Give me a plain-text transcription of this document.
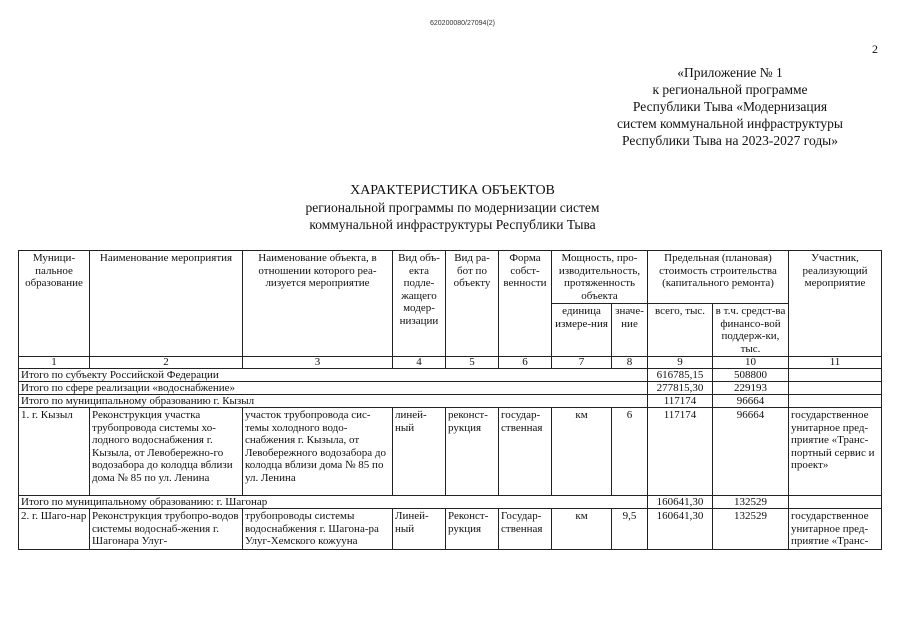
620200080/27094(2)
2
«Приложение № 1
к региональной программе
Республики Тыва «Модернизация
систем коммунальной инфраструктуры
Республики Тыва на 2023-2027 годы»
ХАРАКТЕРИСТИКА ОБЪЕКТОВ
региональной программы по модернизации систем
коммунальной инфраструктуры Республики Тыва
Муници-пальное образование	Наименование мероприятия	Наименование объекта, в отношении которого реа-лизуется мероприятие	Вид объ-екта подле-жащего модер-низации	Вид ра-бот по объекту	Форма собст-венности	Мощность, про-изводительность, протяженность объекта		Предельная (плановая) стоимость строительства (капитального ремонта)		Участник, реализующий мероприятие
						единица измере-ния	значе-ние	всего, тыс.	в т.ч. средст-ва финансо-вой поддерж-ки, тыс.	
1	2	3	4	5	6	7	8	9	10	11
Итого по субъекту Российской Федерации								616785,15	508800	
Итого по сфере реализации «водоснабжение»								277815,30	229193	
Итого по муниципальному образованию г. Кызыл								117174	96664	
1. г. Кызыл	Реконструкция участка трубопровода системы хо-лодного водоснабжения г. Кызыла, от Левобережно-го водозабора до колодца вблизи дома № 85 по ул. Ленина	участок трубопровода сис-темы холодного водо-снабжения г. Кызыла, от Левобережного водозабора до колодца вблизи дома № 85 по ул. Ленина	линей-ный	реконст-рукция	государ-ственная	км	6	117174	96664	государственное унитарное пред-приятие «Транс-портный сервис и проект»
Итого по муниципальному образованию: г. Шагонар								160641,30	132529	
2. г. Шаго-нар	Реконструкция трубопро-водов системы водоснаб-жения г. Шагонара Улуг-	трубопроводы системы водоснабжения г. Шагона-ра Улуг-Хемского кожууна	Линей-ный	Реконст-рукция	Государ-ственная	км	9,5	160641,30	132529	государственное унитарное пред-приятие «Транс-
